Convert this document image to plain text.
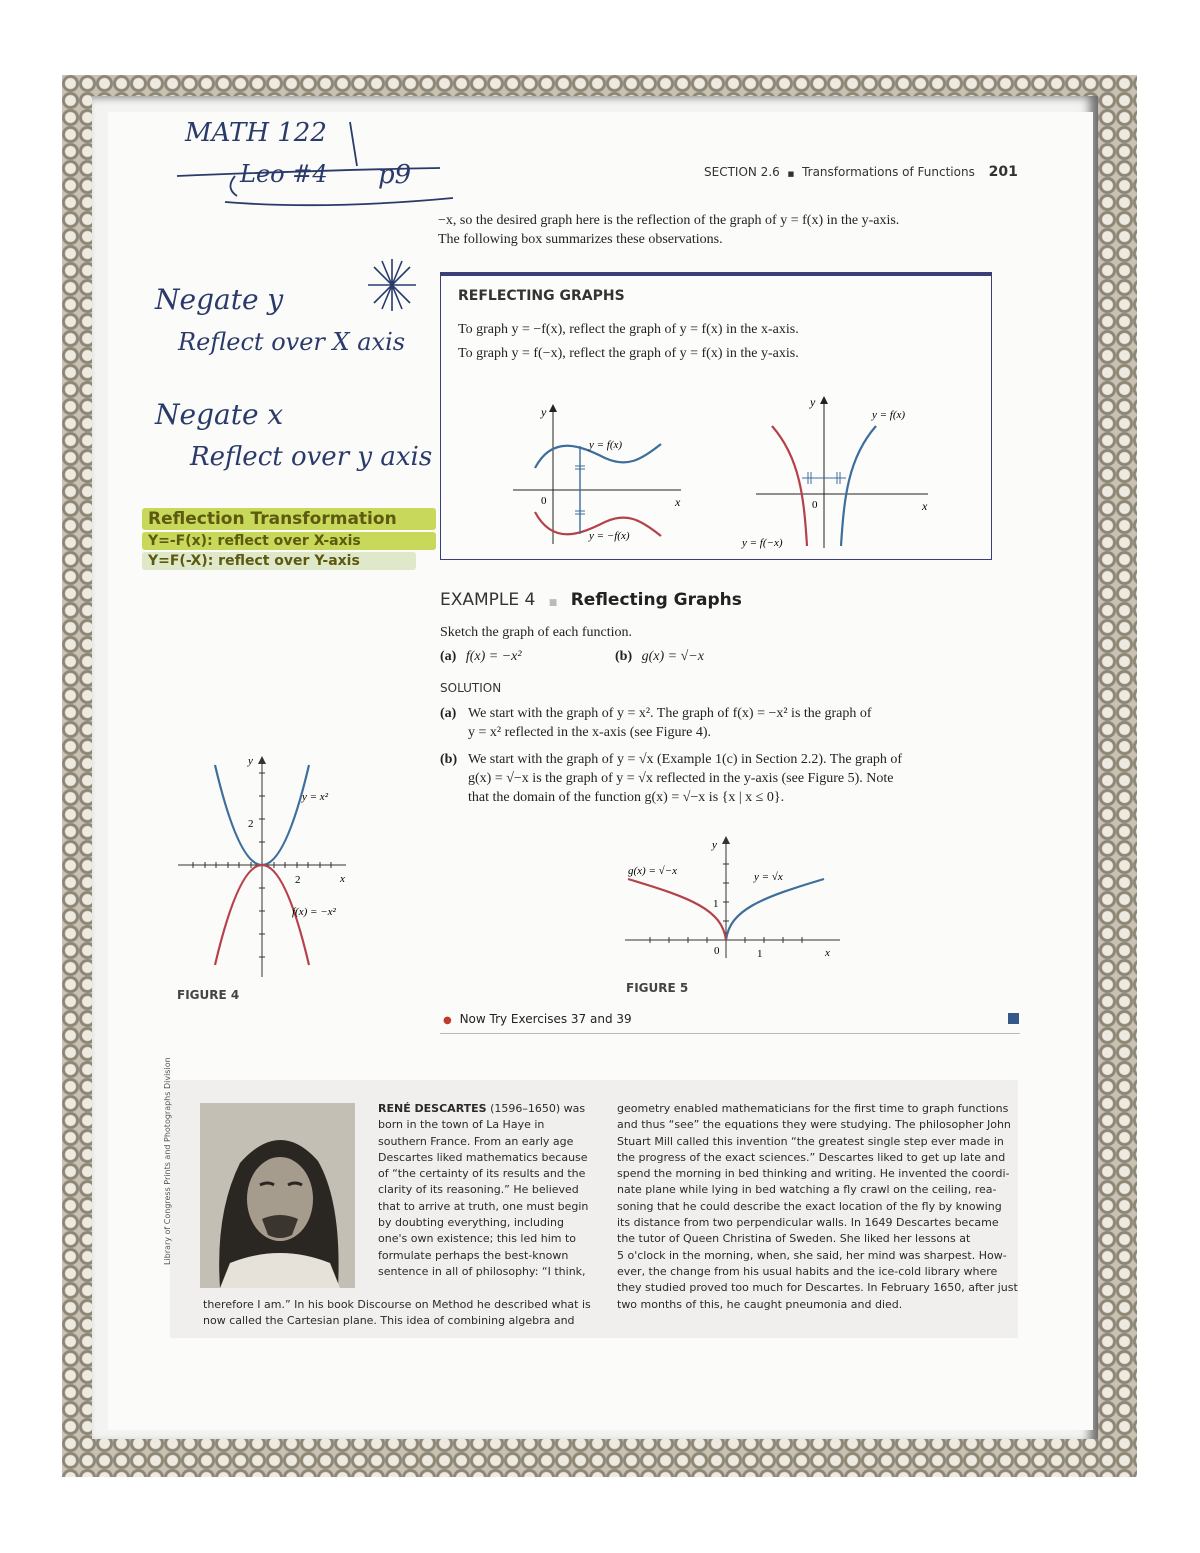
MATH 122
Leo #4 p9
Negate y
Reflect over X axis
Negate x
Reflect over y axis
Reflection Transformation
Y=-F(x): reflect over X-axis
Y=F(-X): reflect over Y-axis
SECTION 2.6 ■ Transformations of Functions 201
−x, so the desired graph here is the reflection of the graph of y = f(x) in the y-axis.
The following box summarizes these observations.
REFLECTING GRAPHS
To graph y = −f(x), reflect the graph of y = f(x) in the x-axis.
To graph y = f(−x), reflect the graph of y = f(x) in the y-axis.
y
x
0
y = f(x)
y = −f(x)
y
x
0
y = f(x)
y = f(−x)
EXAMPLE 4 ■ Reflecting Graphs
Sketch the graph of each function.
(a) f(x) = −x²	(b) g(x) = √−x
SOLUTION
(a) We start with the graph of y = x². The graph of f(x) = −x² is the graph of
y = x² reflected in the x-axis (see Figure 4).
(b) We start with the graph of y = √x (Example 1(c) in Section 2.2). The graph of
g(x) = √−x is the graph of y = √x reflected in the y-axis (see Figure 5). Note
that the domain of the function g(x) = √−x is {x | x ≤ 0}.
y
x
2
2
y = x²
f(x) = −x²
FIGURE 4
y
x
0	1
1
g(x) = √−x	y = √x
FIGURE 5
● Now Try Exercises 37 and 39
Library of Congress Prints and Photographs Division	RENÉ DESCARTES (1596–1650) was
born in the town of La Haye in
southern France. From an early age
Descartes liked mathematics because
of “the certainty of its results and the
clarity of its reasoning.” He believed
that to arrive at truth, one must begin
by doubting everything, including
one's own existence; this led him to
formulate perhaps the best-known
sentence in all of philosophy: “I think,
therefore I am.” In his book Discourse on Method he described what is
now called the Cartesian plane. This idea of combining algebra and
geometry enabled mathematicians for the first time to graph functions
and thus “see” the equations they were studying. The philosopher John
Stuart Mill called this invention “the greatest single step ever made in
the progress of the exact sciences.” Descartes liked to get up late and
spend the morning in bed thinking and writing. He invented the coordi-
nate plane while lying in bed watching a fly crawl on the ceiling, rea-
soning that he could describe the exact location of the fly by knowing
its distance from two perpendicular walls. In 1649 Descartes became
the tutor of Queen Christina of Sweden. She liked her lessons at
5 o'clock in the morning, when, she said, her mind was sharpest. How-
ever, the change from his usual habits and the ice-cold library where
they studied proved too much for Descartes. In February 1650, after just
two months of this, he caught pneumonia and died.
